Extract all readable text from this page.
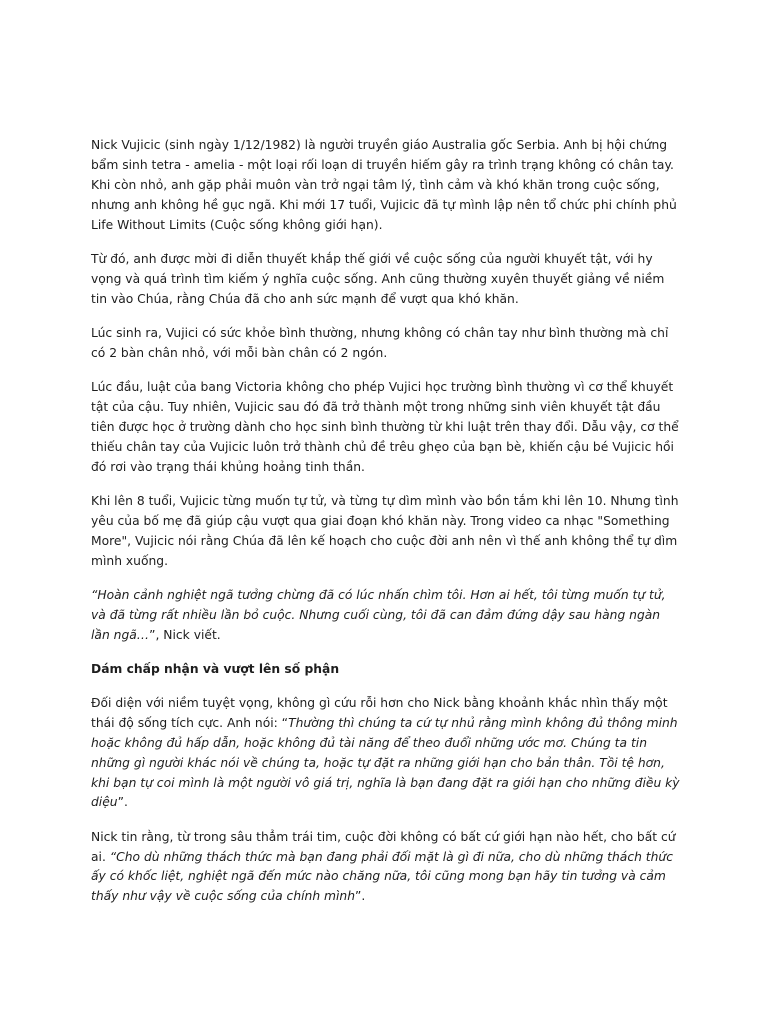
Nick Vujicic (sinh ngày 1/12/1982) là người truyền giáo Australia gốc Serbia. Anh bị hội chứng bẩm sinh tetra - amelia - một loại rối loạn di truyền hiếm gây ra trình trạng không có chân tay. Khi còn nhỏ, anh gặp phải muôn vàn trở ngại tâm lý, tình cảm và khó khăn trong cuộc sống, nhưng anh không hề gục ngã. Khi mới 17 tuổi, Vujicic đã tự mình lập nên tổ chức phi chính phủ Life Without Limits (Cuộc sống không giới hạn).

Từ đó, anh được mời đi diễn thuyết khắp thế giới về cuộc sống của người khuyết tật, với hy vọng và quá trình tìm kiếm ý nghĩa cuộc sống. Anh cũng thường xuyên thuyết giảng về niềm tin vào Chúa, rằng Chúa đã cho anh sức mạnh để vượt qua khó khăn.

Lúc sinh ra, Vujici có sức khỏe bình thường, nhưng không có chân tay như bình thường mà chỉ có 2 bàn chân nhỏ, với mỗi bàn chân có 2 ngón.

Lúc đầu, luật của bang Victoria không cho phép Vujici học trường bình thường vì cơ thể khuyết tật của cậu. Tuy nhiên, Vujicic sau đó đã trở thành một trong những sinh viên khuyết tật đầu tiên được học ở trường dành cho học sinh bình thường từ khi luật trên thay đổi. Dẫu vậy, cơ thể thiếu chân tay của Vujicic luôn trở thành chủ đề trêu ghẹo của bạn bè, khiến cậu bé Vujicic hồi đó rơi vào trạng thái khủng hoảng tinh thần.

Khi lên 8 tuổi, Vujicic từng muốn tự tử, và từng tự dìm mình vào bồn tắm khi lên 10. Nhưng tình yêu của bố mẹ đã giúp cậu vượt qua giai đoạn khó khăn này. Trong video ca nhạc "Something More", Vujicic nói rằng Chúa đã lên kế hoạch cho cuộc đời anh nên vì thế anh không thể tự dìm mình xuống.

“Hoàn cảnh nghiệt ngã tưởng chừng đã có lúc nhấn chìm tôi. Hơn ai hết, tôi từng muốn tự tử, và đã từng rất nhiều lần bỏ cuộc. Nhưng cuối cùng, tôi đã can đảm đứng dậy sau hàng ngàn lần ngã…”, Nick viết.

Dám chấp nhận và vượt lên số phận

Đối diện với niềm tuyệt vọng, không gì cứu rỗi hơn cho Nick bằng khoảnh khắc nhìn thấy một thái độ sống tích cực. Anh nói: “Thường thì chúng ta cứ tự nhủ rằng mình không đủ thông minh hoặc không đủ hấp dẫn, hoặc không đủ tài năng để theo đuổi những ước mơ. Chúng ta tin những gì người khác nói về chúng ta, hoặc tự đặt ra những giới hạn cho bản thân. Tồi tệ hơn, khi bạn tự coi mình là một người vô giá trị, nghĩa là bạn đang đặt ra giới hạn cho những điều kỳ diệu”.

Nick tin rằng, từ trong sâu thẳm trái tim, cuộc đời không có bất cứ giới hạn nào hết, cho bất cứ ai. “Cho dù những thách thức mà bạn đang phải đối mặt là gì đi nữa, cho dù những thách thức ấy có khốc liệt, nghiệt ngã đến mức nào chăng nữa, tôi cũng mong bạn hãy tin tưởng và cảm thấy như vậy về cuộc sống của chính mình”.
